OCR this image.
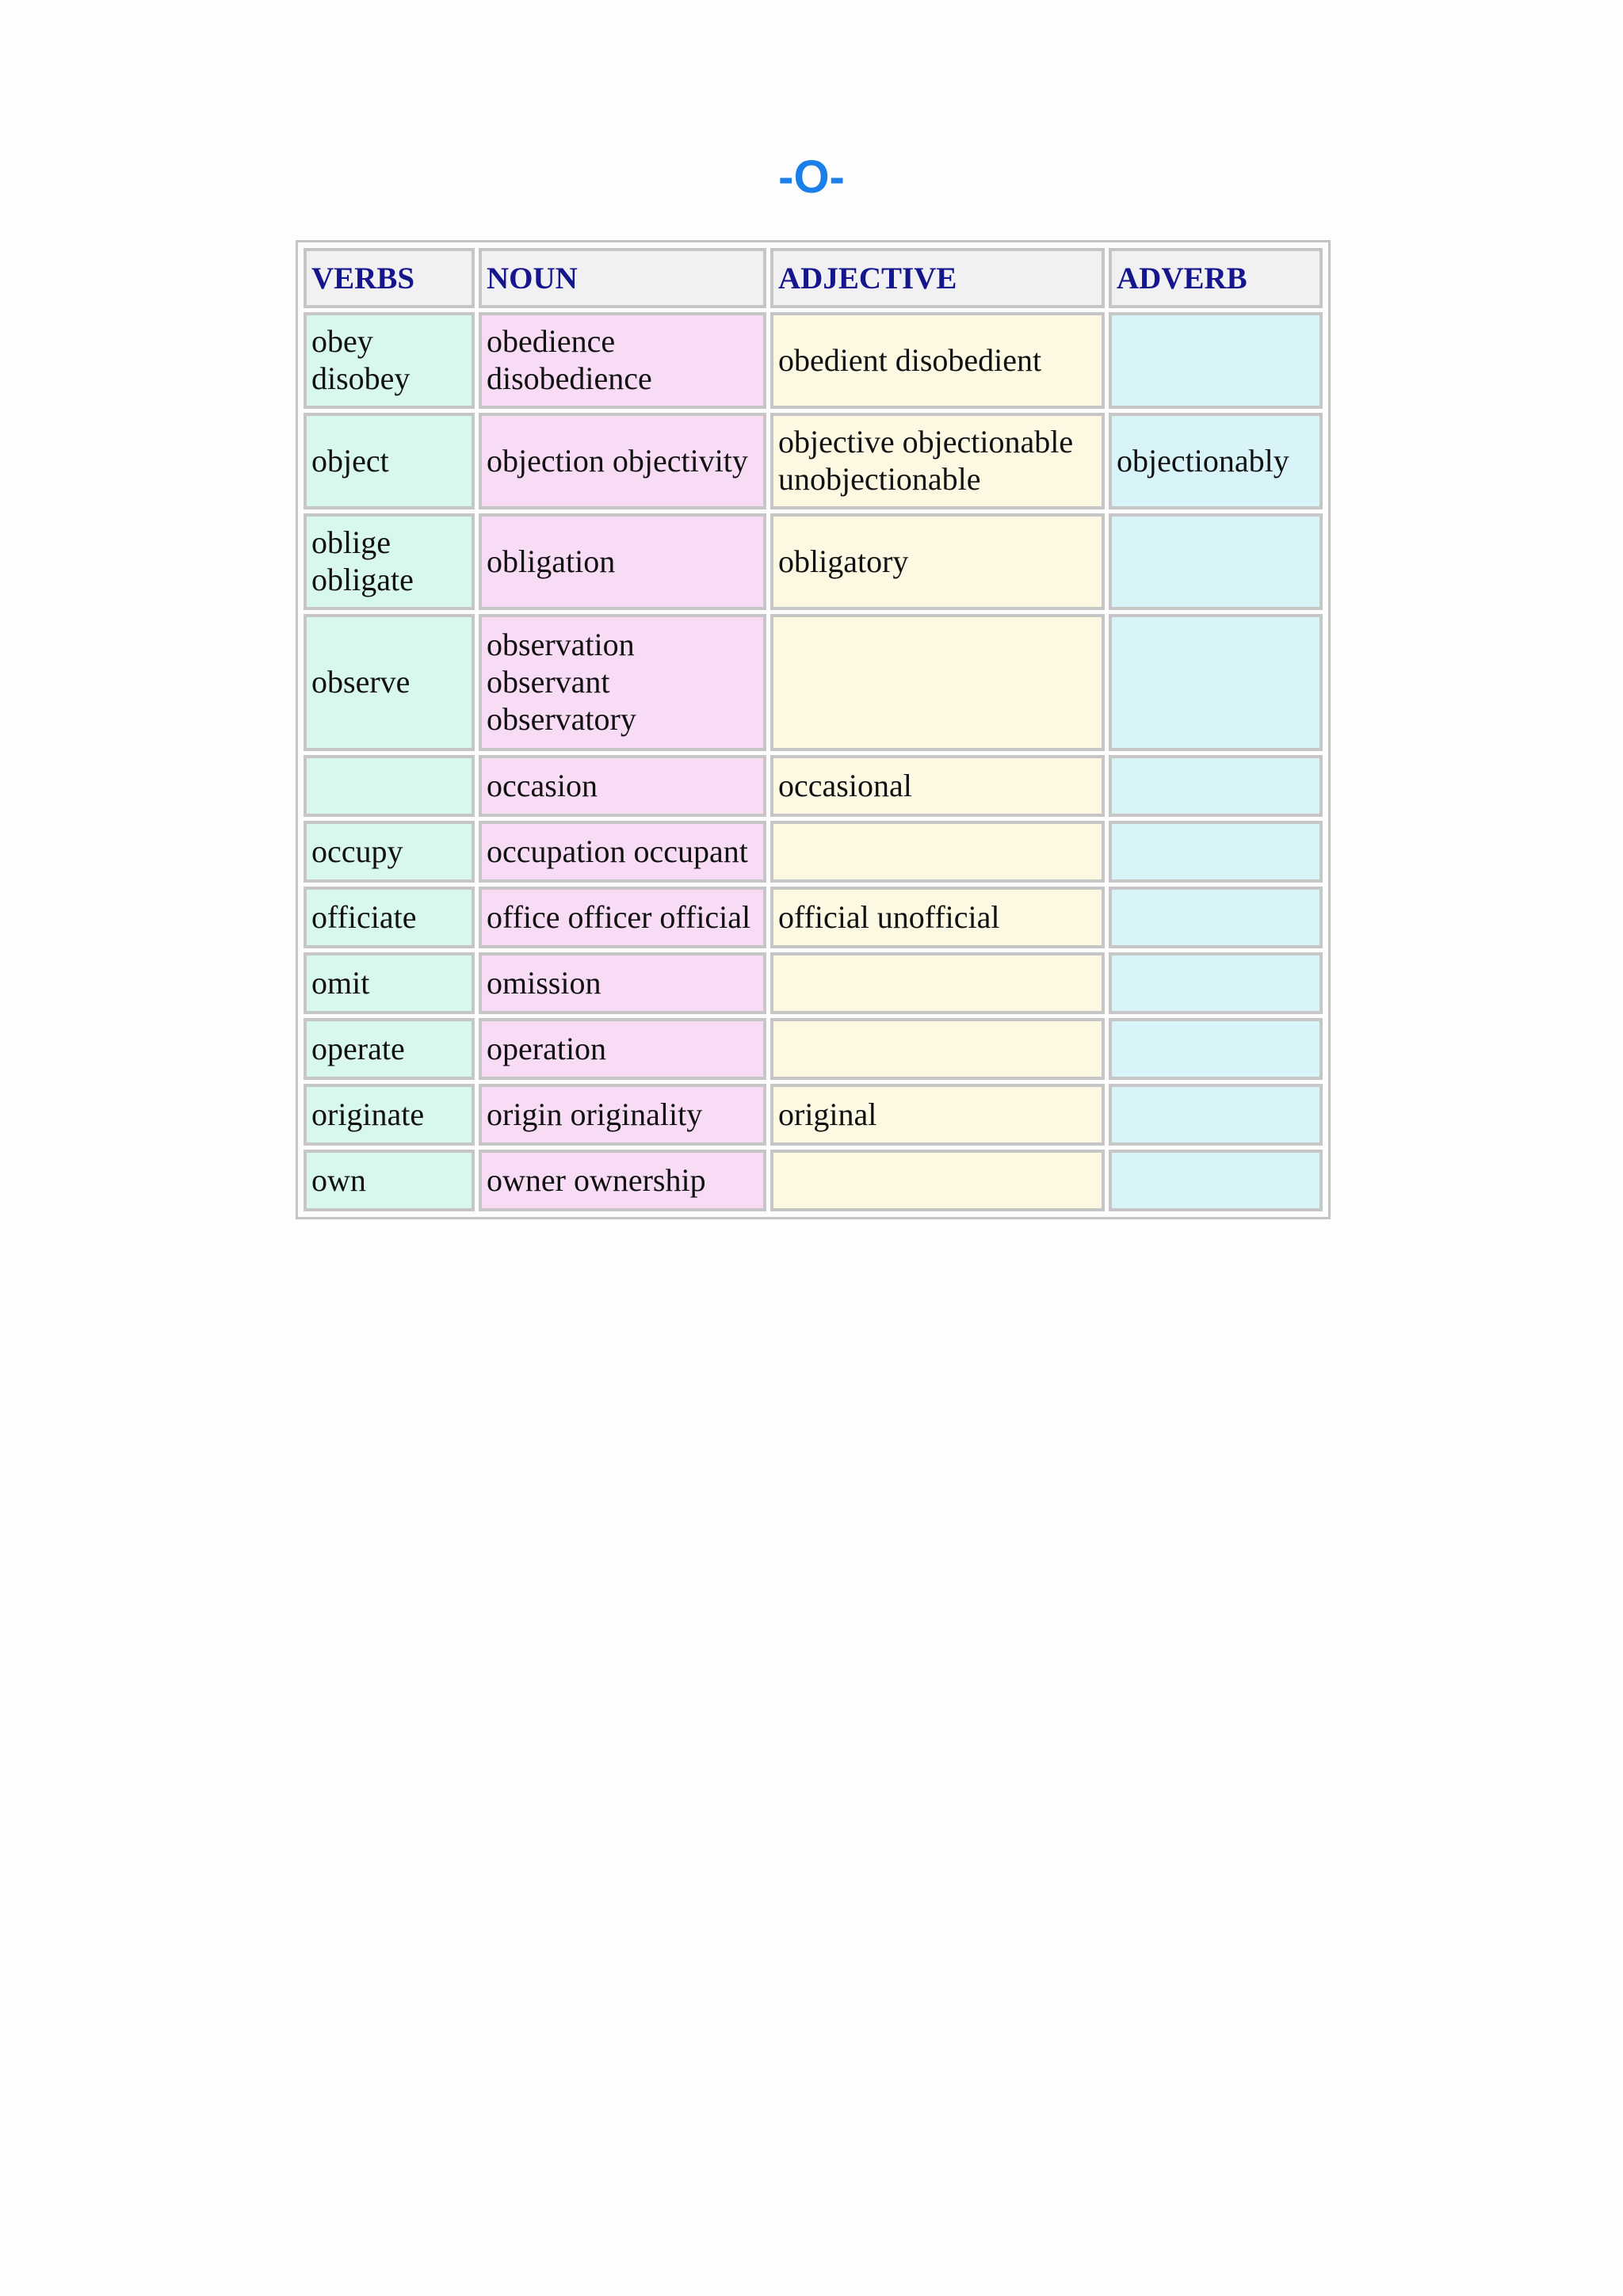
-O-
VERBS	NOUN	ADJECTIVE	ADVERB
obey disobey	obedience disobedience	obedient disobedient	
object	objection objectivity	objective objectionable unobjectionable	objectionably
oblige obligate	obligation	obligatory	
observe	observation observant observatory		
	occasion	occasional	
occupy	occupation occupant		
officiate	office officer official	official unofficial	
omit	omission		
operate	operation		
originate	origin originality	original	
own	owner ownership		
